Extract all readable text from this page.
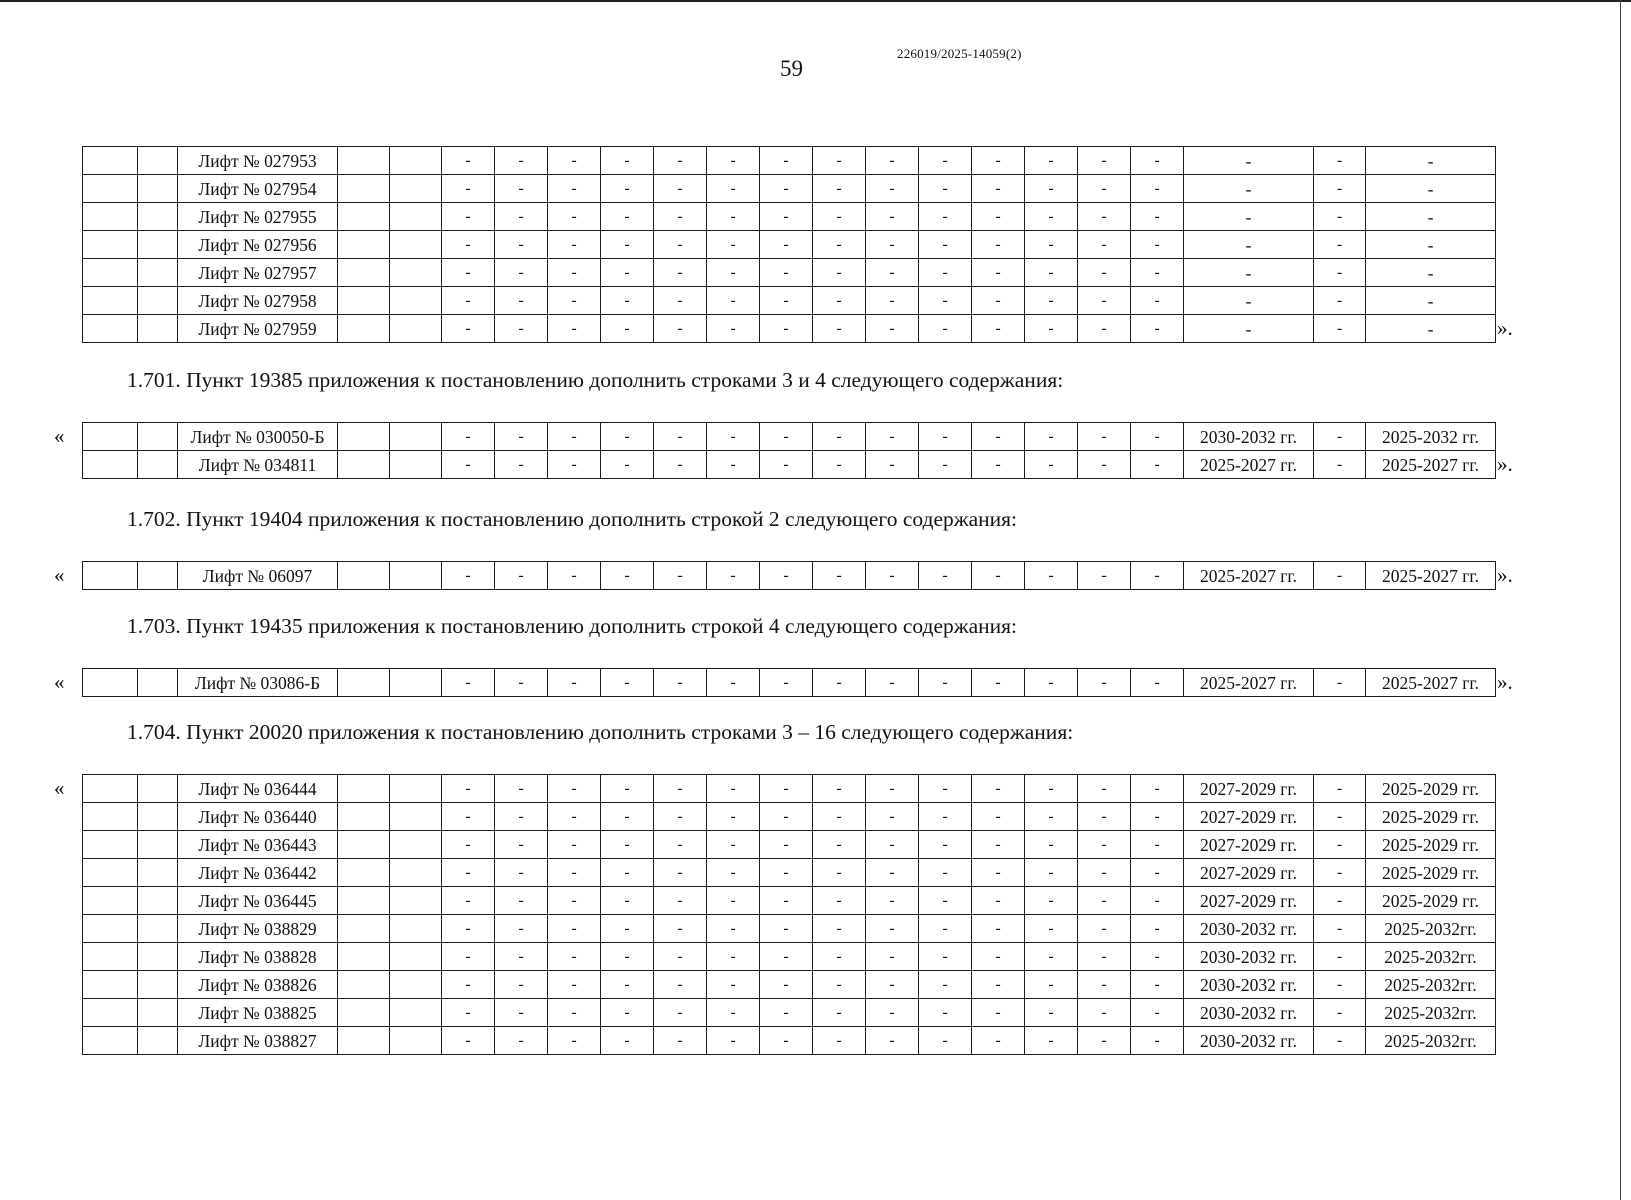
59
226019/2025-14059(2)
		Лифт № 027953			-	-	-	-	-	-	-	-	-	-	-	-	-	-	-	-	-
		Лифт № 027954			-	-	-	-	-	-	-	-	-	-	-	-	-	-	-	-	-
		Лифт № 027955			-	-	-	-	-	-	-	-	-	-	-	-	-	-	-	-	-
		Лифт № 027956			-	-	-	-	-	-	-	-	-	-	-	-	-	-	-	-	-
		Лифт № 027957			-	-	-	-	-	-	-	-	-	-	-	-	-	-	-	-	-
		Лифт № 027958			-	-	-	-	-	-	-	-	-	-	-	-	-	-	-	-	-
		Лифт № 027959			-	-	-	-	-	-	-	-	-	-	-	-	-	-	-	-	-	».
1.701. Пункт 19385 приложения к постановлению дополнить строками 3 и 4 следующего содержания:
«
			Лифт № 030050-Б			-	-	-	-	-	-	-	-	-	-	-	-	-	-	2030-2032 гг.	-	2025-2032 гг.
		Лифт № 034811			-	-	-	-	-	-	-	-	-	-	-	-	-	-	2025-2027 гг.	-	2025-2027 гг. ».
1.702. Пункт 19404 приложения к постановлению дополнить строкой 2 следующего содержания:
«
			Лифт № 06097			-	-	-	-	-	-	-	-	-	-	-	-	-	-	2025-2027 гг.	-	2025-2027 гг. ».
1.703. Пункт 19435 приложения к постановлению дополнить строкой 4 следующего содержания:
«
			Лифт № 03086-Б			-	-	-	-	-	-	-	-	-	-	-	-	-	-	2025-2027 гг.	-	2025-2027 гг. ».
1.704. Пункт 20020 приложения к постановлению дополнить строками 3 – 16 следующего содержания:
«
			Лифт № 036444			-	-	-	-	-	-	-	-	-	-	-	-	-	-	2027-2029 гг.	-	2025-2029 гг.
		Лифт № 036440			-	-	-	-	-	-	-	-	-	-	-	-	-	-	2027-2029 гг.	-	2025-2029 гг.
		Лифт № 036443			-	-	-	-	-	-	-	-	-	-	-	-	-	-	2027-2029 гг.	-	2025-2029 гг.
		Лифт № 036442			-	-	-	-	-	-	-	-	-	-	-	-	-	-	2027-2029 гг.	-	2025-2029 гг.
		Лифт № 036445			-	-	-	-	-	-	-	-	-	-	-	-	-	-	2027-2029 гг.	-	2025-2029 гг.
		Лифт № 038829			-	-	-	-	-	-	-	-	-	-	-	-	-	-	2030-2032 гг.	-	2025-2032гг.
		Лифт № 038828			-	-	-	-	-	-	-	-	-	-	-	-	-	-	2030-2032 гг.	-	2025-2032гг.
		Лифт № 038826			-	-	-	-	-	-	-	-	-	-	-	-	-	-	2030-2032 гг.	-	2025-2032гг.
		Лифт № 038825			-	-	-	-	-	-	-	-	-	-	-	-	-	-	2030-2032 гг.	-	2025-2032гг.
		Лифт № 038827			-	-	-	-	-	-	-	-	-	-	-	-	-	-	2030-2032 гг.	-	2025-2032гг.
